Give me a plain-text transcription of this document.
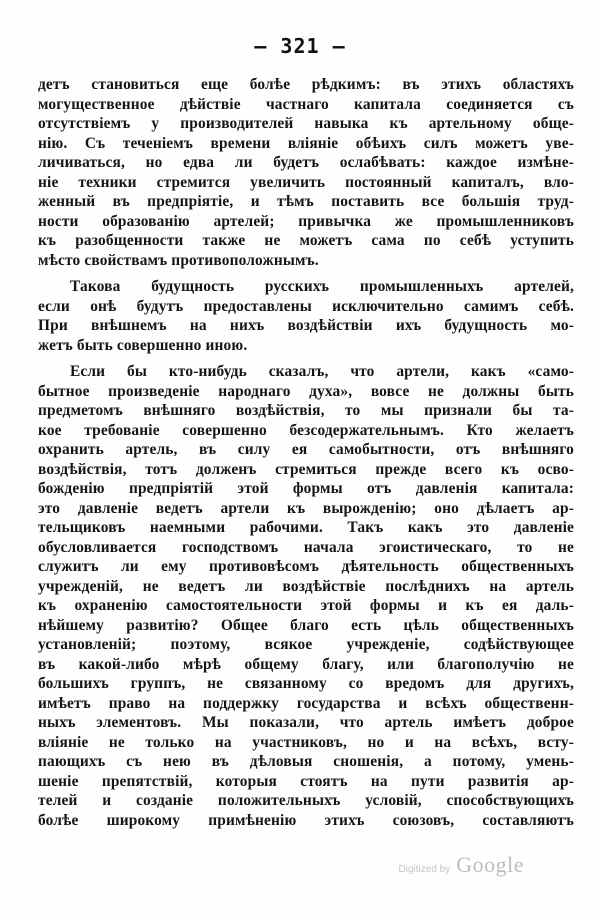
— 321 —
детъ становиться еще болѣе рѣдкимъ: въ этихъ областяхъ
могущественное дѣйствіе частнаго капитала соединяется съ
отсутствіемъ у производителей навыка къ артельному обще-
нію. Съ теченіемъ времени вліяніе обѣихъ силъ можетъ уве-
личиваться, но едва ли будетъ ослабѣвать: каждое измѣне-
ніе техники стремится увеличить постоянный капиталъ, вло-
женный въ предпріятіе, и тѣмъ поставить все большія труд-
ности образованію артелей; привычка же промышленниковъ
къ разобщенности также не можетъ сама по себѣ уступить
мѣсто свойствамъ противоположнымъ.
Такова будущность русскихъ промышленныхъ артелей,
если онѣ будутъ предоставлены исключительно самимъ себѣ.
При внѣшнемъ на нихъ воздѣйствіи ихъ будущность мо-
жетъ быть совершенно иною.
Если бы кто-нибудь сказалъ, что артели, какъ «само-
бытное произведеніе народнаго духа», вовсе не должны быть
предметомъ внѣшняго воздѣйствія, то мы признали бы та-
кое требованіе совершенно безсодержательнымъ. Кто желаетъ
охранить артель, въ силу ея самобытности, отъ внѣшняго
воздѣйствія, тотъ долженъ стремиться прежде всего къ осво-
божденію предпріятій этой формы отъ давленія капитала:
это давленіе ведетъ артели къ вырожденію; оно дѣлаетъ ар-
тельщиковъ наемными рабочими. Такъ какъ это давленіе
обусловливается господствомъ начала эгоистическаго, то не
служитъ ли ему противовѣсомъ дѣятельность общественныхъ
учрежденій, не ведетъ ли воздѣйствіе послѣднихъ на артель
къ охраненію самостоятельности этой формы и къ ея даль-
нѣйшему развитію? Общее благо есть цѣль общественныхъ
установленій; поэтому, всякое учрежденіе, содѣйствующее
въ какой-либо мѣрѣ общему благу, или благополучію не
большихъ группъ, не связанному со вредомъ для другихъ,
имѣетъ право на поддержку государства и всѣхъ общественн-
ныхъ элементовъ. Мы показали, что артель имѣетъ доброе
вліяніе не только на участниковъ, но и на всѣхъ, всту-
пающихъ съ нею въ дѣловыя сношенія, а потому, умень-
шеніе препятствій, которыя стоятъ на пути развитія ар-
телей и созданіе положительныхъ условій, способствующихъ
болѣе широкому примѣненію этихъ союзовъ, составляютъ
Digitized by Google
